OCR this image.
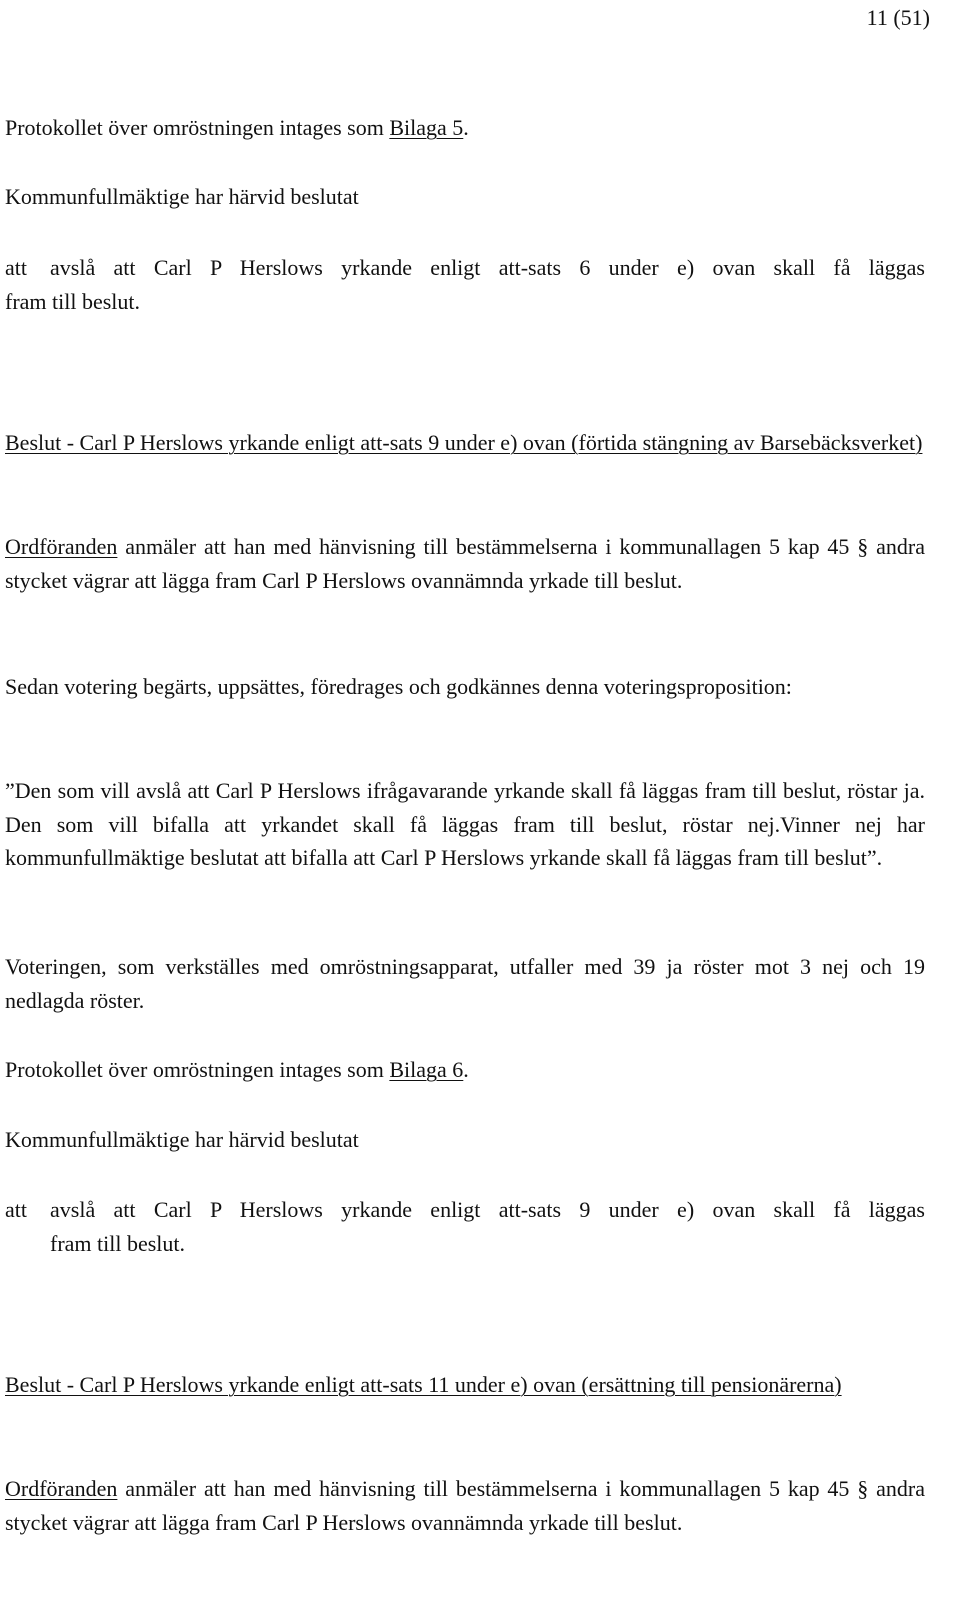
11 (51)
Protokollet över omröstningen intages som Bilaga 5.
Kommunfullmäktige har härvid beslutat
att avslå att Carl P Herslows yrkande enligt att-sats 6 under e) ovan skall få läggas
fram till beslut.
Beslut - Carl P Herslows yrkande enligt att-sats 9 under e) ovan (förtida stängning av Barsebäcksverket)
Ordföranden anmäler att han med hänvisning till bestämmelserna i kommunallagen 5 kap 45 § andra stycket vägrar att lägga fram Carl P Herslows ovannämnda yrkade till beslut.
Sedan votering begärts, uppsättes, föredrages och godkännes denna voteringsproposition:
”Den som vill avslå att Carl P Herslows ifrågavarande yrkande skall få läggas fram till beslut, röstar ja. Den som vill bifalla att yrkandet skall få läggas fram till beslut, röstar nej.Vinner nej har kommunfullmäktige beslutat att bifalla att Carl P Herslows yrkande skall få läggas fram till beslut”.
Voteringen, som verkställes med omröstningsapparat, utfaller med 39 ja röster mot 3 nej och 19 nedlagda röster.
Protokollet över omröstningen intages som Bilaga 6.
Kommunfullmäktige har härvid beslutat
att avslå att Carl P Herslows yrkande enligt att-sats 9 under e) ovan skall få läggas
fram till beslut.
Beslut - Carl P Herslows yrkande enligt att-sats 11 under e) ovan (ersättning till pensionärerna)
Ordföranden anmäler att han med hänvisning till bestämmelserna i kommunallagen 5 kap 45 § andra stycket vägrar att lägga fram Carl P Herslows ovannämnda yrkade till beslut.
